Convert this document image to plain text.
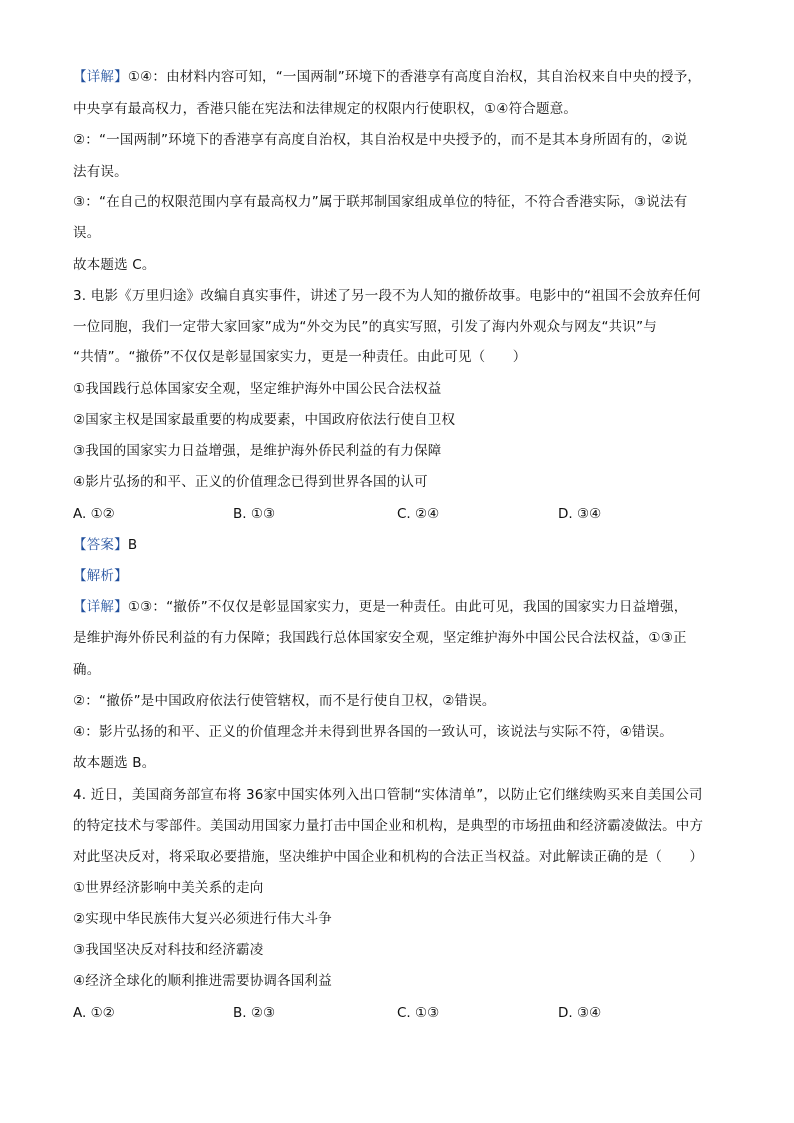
【详解】①④：由材料内容可知，“一国两制”环境下的香港享有高度自治权，其自治权来自中央的授予，
中央享有最高权力，香港只能在宪法和法律规定的权限内行使职权，①④符合题意。
②：“一国两制”环境下的香港享有高度自治权，其自治权是中央授予的，而不是其本身所固有的，②说
法有误。
③：“在自己的权限范围内享有最高权力”属于联邦制国家组成单位的特征，不符合香港实际，③说法有
误。
故本题选 C。
3. 电影《万里归途》改编自真实事件，讲述了另一段不为人知的撤侨故事。电影中的“祖国不会放弃任何
一位同胞，我们一定带大家回家”成为“外交为民”的真实写照，引发了海内外观众与网友“共识”与
“共情”。“撤侨”不仅仅是彰显国家实力，更是一种责任。由此可见（　　）
①我国践行总体国家安全观，坚定维护海外中国公民合法权益
②国家主权是国家最重要的构成要素，中国政府依法行使自卫权
③我国的国家实力日益增强，是维护海外侨民利益的有力保障
④影片弘扬的和平、正义的价值理念已得到世界各国的认可
A. ①②	B. ①③	C. ②④	D. ③④
【答案】B
【解析】
【详解】①③：“撤侨”不仅仅是彰显国家实力，更是一种责任。由此可见，我国的国家实力日益增强，
是维护海外侨民利益的有力保障；我国践行总体国家安全观，坚定维护海外中国公民合法权益，①③正
确。
②：“撤侨”是中国政府依法行使管辖权，而不是行使自卫权，②错误。
④：影片弘扬的和平、正义的价值理念并未得到世界各国的一致认可，该说法与实际不符，④错误。
故本题选 B。
4. 近日，美国商务部宣布将 36家中国实体列入出口管制“实体清单”，以防止它们继续购买来自美国公司
的特定技术与零部件。美国动用国家力量打击中国企业和机构，是典型的市场扭曲和经济霸凌做法。中方
对此坚决反对，将采取必要措施，坚决维护中国企业和机构的合法正当权益。对此解读正确的是（　　）
①世界经济影响中美关系的走向
②实现中华民族伟大复兴必须进行伟大斗争
③我国坚决反对科技和经济霸凌
④经济全球化的顺利推进需要协调各国利益
A. ①②	B. ②③	C. ①③	D. ③④
